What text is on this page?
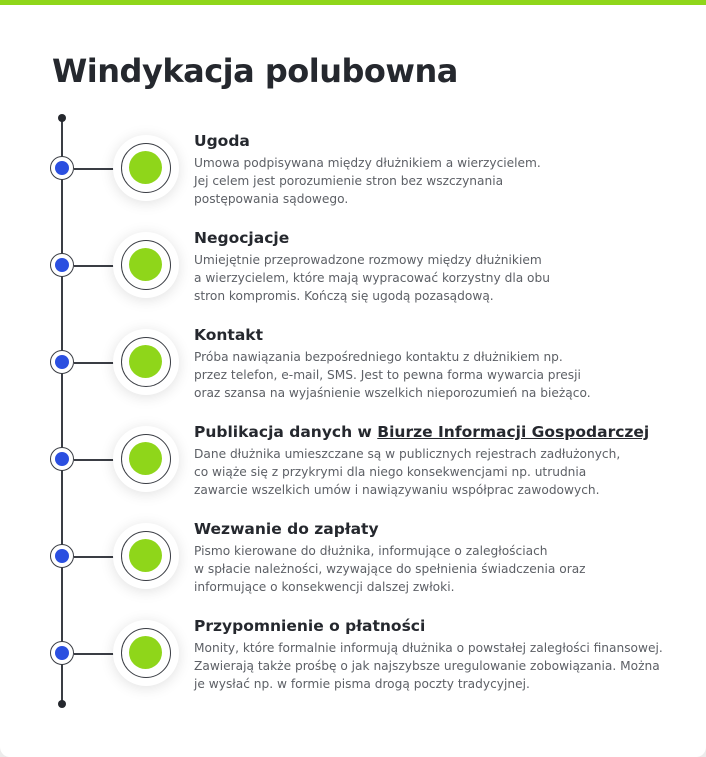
Windykacja polubowna
Ugoda
Umowa podpisywana między dłużnikiem a wierzycielem.
Jej celem jest porozumienie stron bez wszczynania
postępowania sądowego.
Negocjacje
Umiejętnie przeprowadzone rozmowy między dłużnikiem
a wierzycielem, które mają wypracować korzystny dla obu
stron kompromis. Kończą się ugodą pozasądową.
Kontakt
Próba nawiązania bezpośredniego kontaktu z dłużnikiem np.
przez telefon, e-mail, SMS. Jest to pewna forma wywarcia presji
oraz szansa na wyjaśnienie wszelkich nieporozumień na bieżąco.
Publikacja danych w Biurze Informacji Gospodarczej
Dane dłużnika umieszczane są w publicznych rejestrach zadłużonych,
co wiąże się z przykrymi dla niego konsekwencjami np. utrudnia
zawarcie wszelkich umów i nawiązywaniu współprac zawodowych.
Wezwanie do zapłaty
Pismo kierowane do dłużnika, informujące o zaległościach
w spłacie należności, wzywające do spełnienia świadczenia oraz
informujące o konsekwencji dalszej zwłoki.
Przypomnienie o płatności
Monity, które formalnie informują dłużnika o powstałej zaległości finansowej.
Zawierają także prośbę o jak najszybsze uregulowanie zobowiązania. Można
je wysłać np. w formie pisma drogą poczty tradycyjnej.
